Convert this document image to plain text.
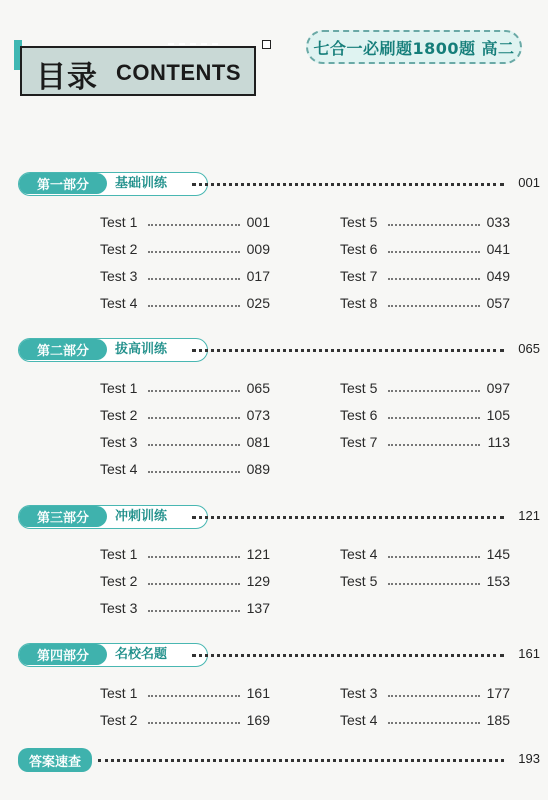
目录 CONTENTS
七合一必刷题1800题 高二
第一部分	基础训练	001
Test 1	001
Test 2	009
Test 3	017
Test 4	025
Test 5	033
Test 6	041
Test 7	049
Test 8	057
第二部分	拔高训练	065
Test 1	065
Test 2	073
Test 3	081
Test 4	089
Test 5	097
Test 6	105
Test 7	113
第三部分	冲刺训练	121
Test 1	121
Test 2	129
Test 3	137
Test 4	145
Test 5	153
第四部分	名校名题	161
Test 1	161
Test 2	169
Test 3	177
Test 4	185
答案速查	193
